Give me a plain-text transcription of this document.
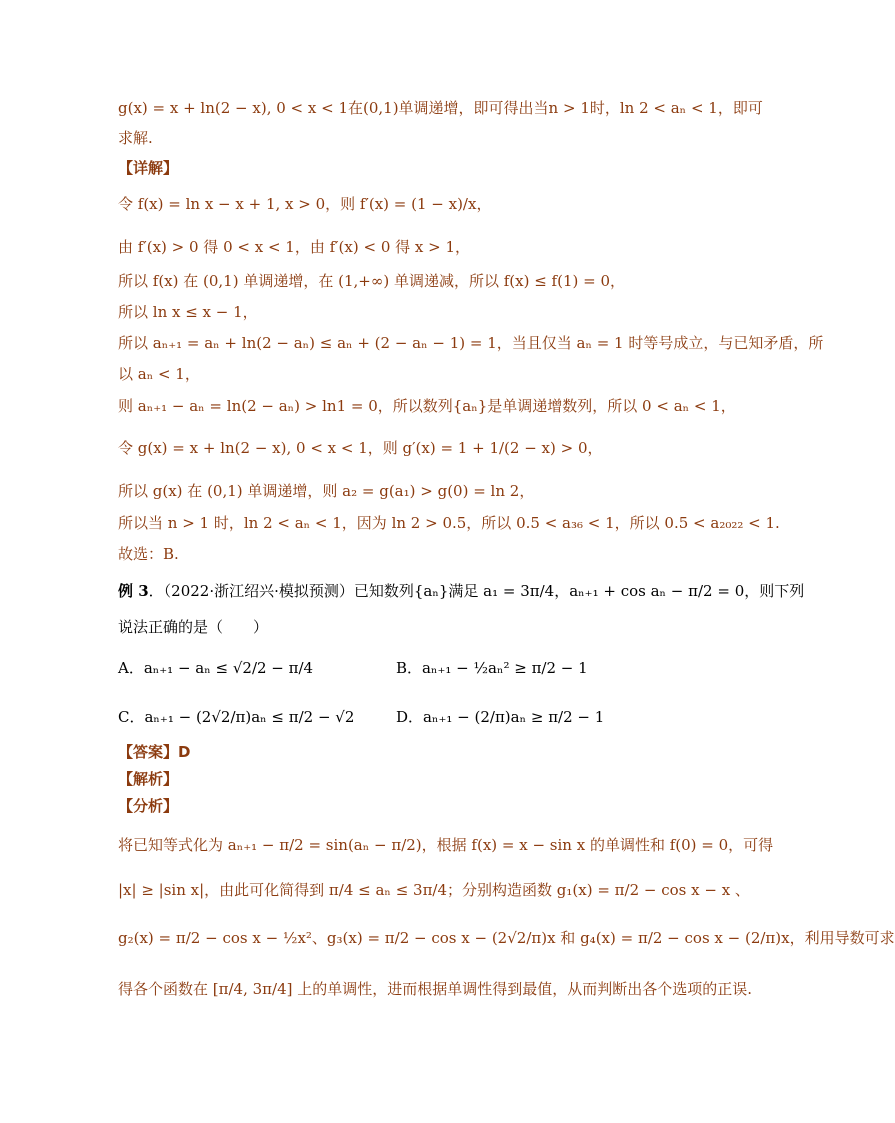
g(x) = x + ln(2 − x), 0 < x < 1在(0,1)单调递增，即可得出当n > 1时，ln 2 < aₙ < 1，即可
求解.
【详解】
令 f(x) = ln x − x + 1, x > 0，则 f′(x) = (1 − x)/x，
由 f′(x) > 0 得 0 < x < 1，由 f′(x) < 0 得 x > 1，
所以 f(x) 在 (0,1) 单调递增，在 (1,+∞) 单调递减，所以 f(x) ≤ f(1) = 0，
所以 ln x ≤ x − 1，
所以 aₙ₊₁ = aₙ + ln(2 − aₙ) ≤ aₙ + (2 − aₙ − 1) = 1，当且仅当 aₙ = 1 时等号成立，与已知矛盾，所
以 aₙ < 1，
则 aₙ₊₁ − aₙ = ln(2 − aₙ) > ln1 = 0，所以数列{aₙ}是单调递增数列，所以 0 < aₙ < 1，
令 g(x) = x + ln(2 − x), 0 < x < 1，则 g′(x) = 1 + 1/(2 − x) > 0，
所以 g(x) 在 (0,1) 单调递增，则 a₂ = g(a₁) > g(0) = ln 2，
所以当 n > 1 时，ln 2 < aₙ < 1，因为 ln 2 > 0.5，所以 0.5 < a₃₆ < 1，所以 0.5 < a₂₀₂₂ < 1.
故选：B.
例 3．（2022·浙江绍兴·模拟预测）已知数列{aₙ}满足 a₁ = 3π/4，aₙ₊₁ + cos aₙ − π/2 = 0，则下列
说法正确的是（　　）
A．aₙ₊₁ − aₙ ≤ √2/2 − π/4	B．aₙ₊₁ − ½aₙ² ≥ π/2 − 1
C．aₙ₊₁ − (2√2/π)aₙ ≤ π/2 − √2	D．aₙ₊₁ − (2/π)aₙ ≥ π/2 − 1
【答案】D
【解析】
【分析】
将已知等式化为 aₙ₊₁ − π/2 = sin(aₙ − π/2)，根据 f(x) = x − sin x 的单调性和 f(0) = 0，可得
|x| ≥ |sin x|，由此可化简得到 π/4 ≤ aₙ ≤ 3π/4；分别构造函数 g₁(x) = π/2 − cos x − x 、
g₂(x) = π/2 − cos x − ½x²、g₃(x) = π/2 − cos x − (2√2/π)x 和 g₄(x) = π/2 − cos x − (2/π)x，利用导数可求
得各个函数在 [π/4, 3π/4] 上的单调性，进而根据单调性得到最值，从而判断出各个选项的正误.
